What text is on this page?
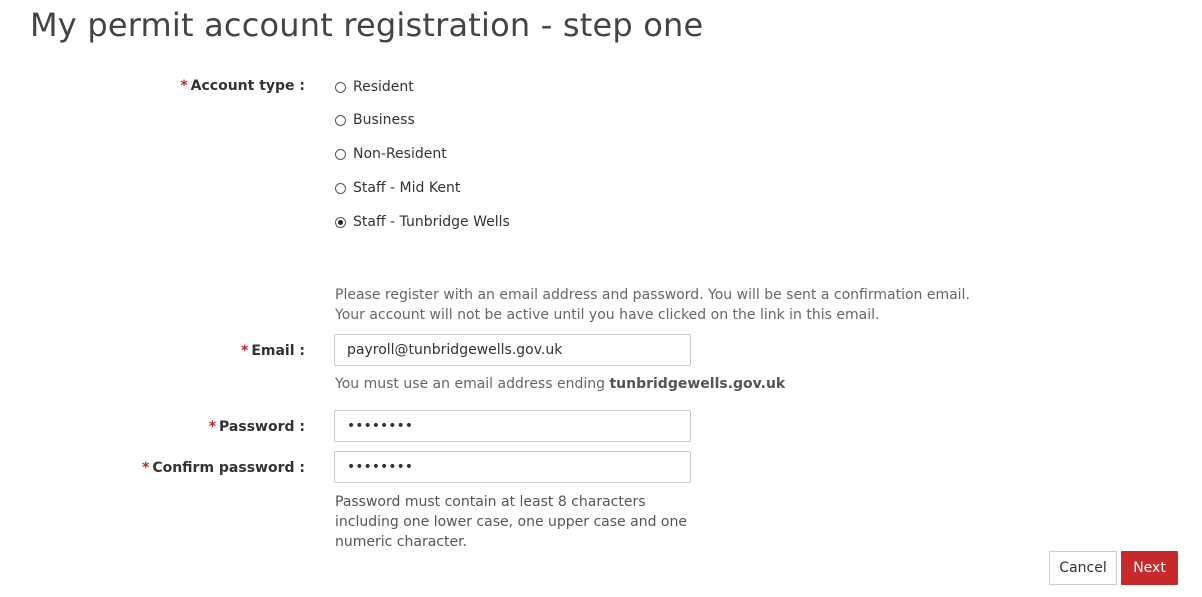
My permit account registration - step one
* Account type :	Resident
Business
Non-Resident
Staff - Mid Kent
Staff - Tunbridge Wells
Please register with an email address and password. You will be sent a confirmation email. Your account will not be active until you have clicked on the link in this email.
* Email :
payroll@tunbridgewells.gov.uk
You must use an email address ending tunbridgewells.gov.uk
* Password :
* Confirm password :
Password must contain at least 8 characters including one lower case, one upper case and one numeric character.
Cancel	Next
